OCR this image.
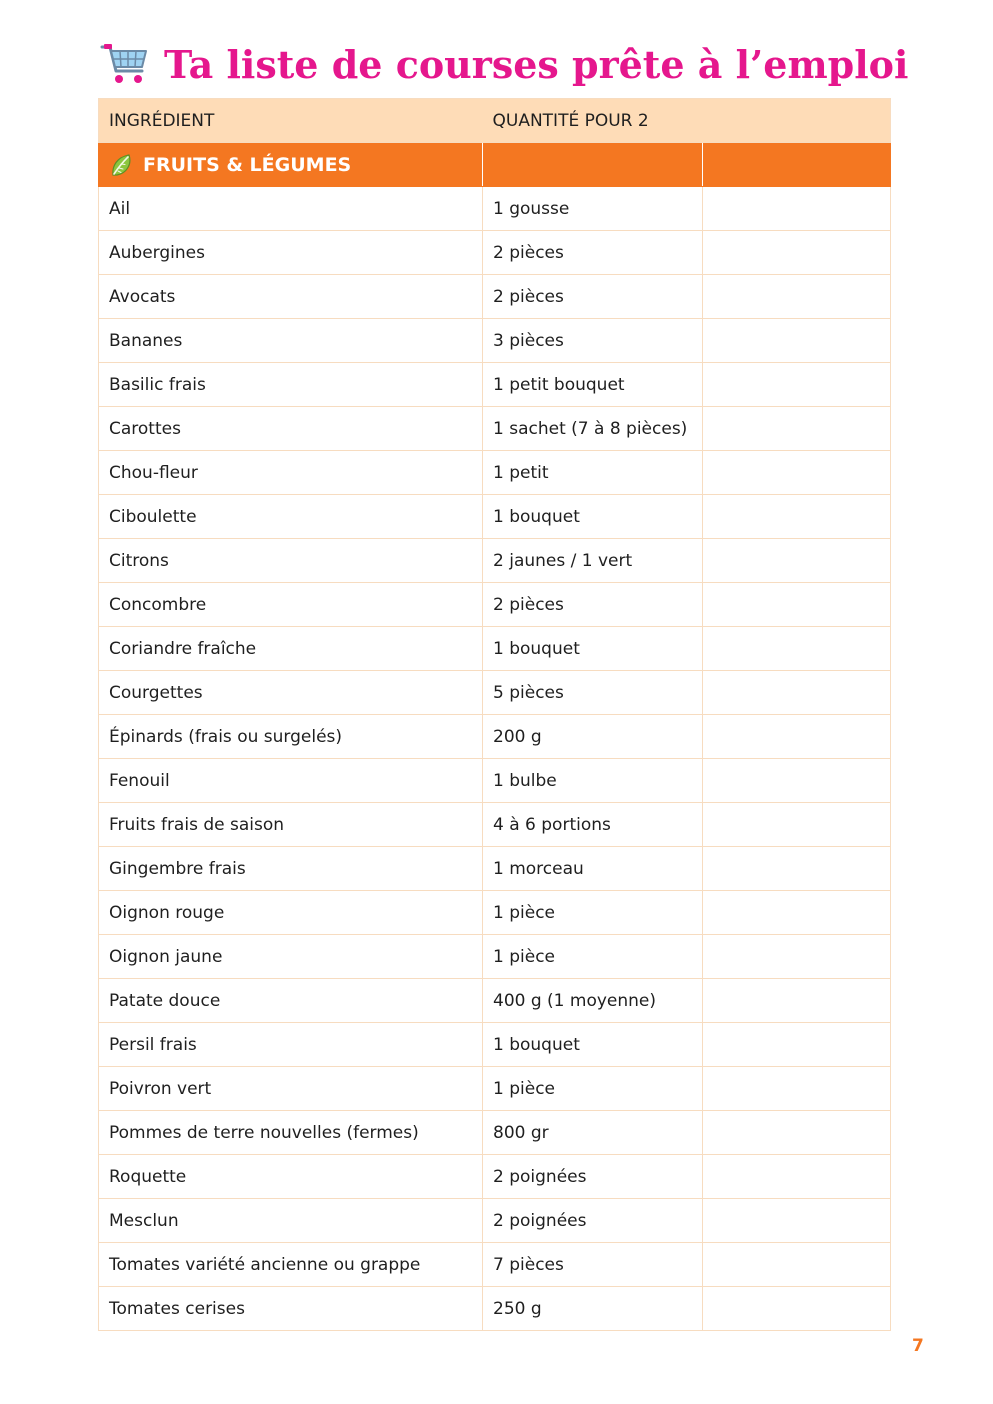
Ta liste de courses prête à l’emploi
INGRÉDIENT	QUANTITÉ POUR 2	

FRUITS & LÉGUMES		

Ail	1 gousse	
Aubergines	2 pièces	
Avocats	2 pièces	
Bananes	3 pièces	
Basilic frais	1 petit bouquet	
Carottes	1 sachet (7 à 8 pièces)	
Chou-fleur	1 petit	
Ciboulette	1 bouquet	
Citrons	2 jaunes / 1 vert	
Concombre	2 pièces	
Coriandre fraîche	1 bouquet	
Courgettes	5 pièces	
Épinards (frais ou surgelés)	200 g	
Fenouil	1 bulbe	
Fruits frais de saison	4 à 6 portions	
Gingembre frais	1 morceau	
Oignon rouge	1 pièce	
Oignon jaune	1 pièce	
Patate douce	400 g (1 moyenne)	
Persil frais	1 bouquet	
Poivron vert	1 pièce	
Pommes de terre nouvelles (fermes)	800 gr	
Roquette	2 poignées	
Mesclun	2 poignées	
Tomates variété ancienne ou grappe	7 pièces	
Tomates cerises	250 g	
7
